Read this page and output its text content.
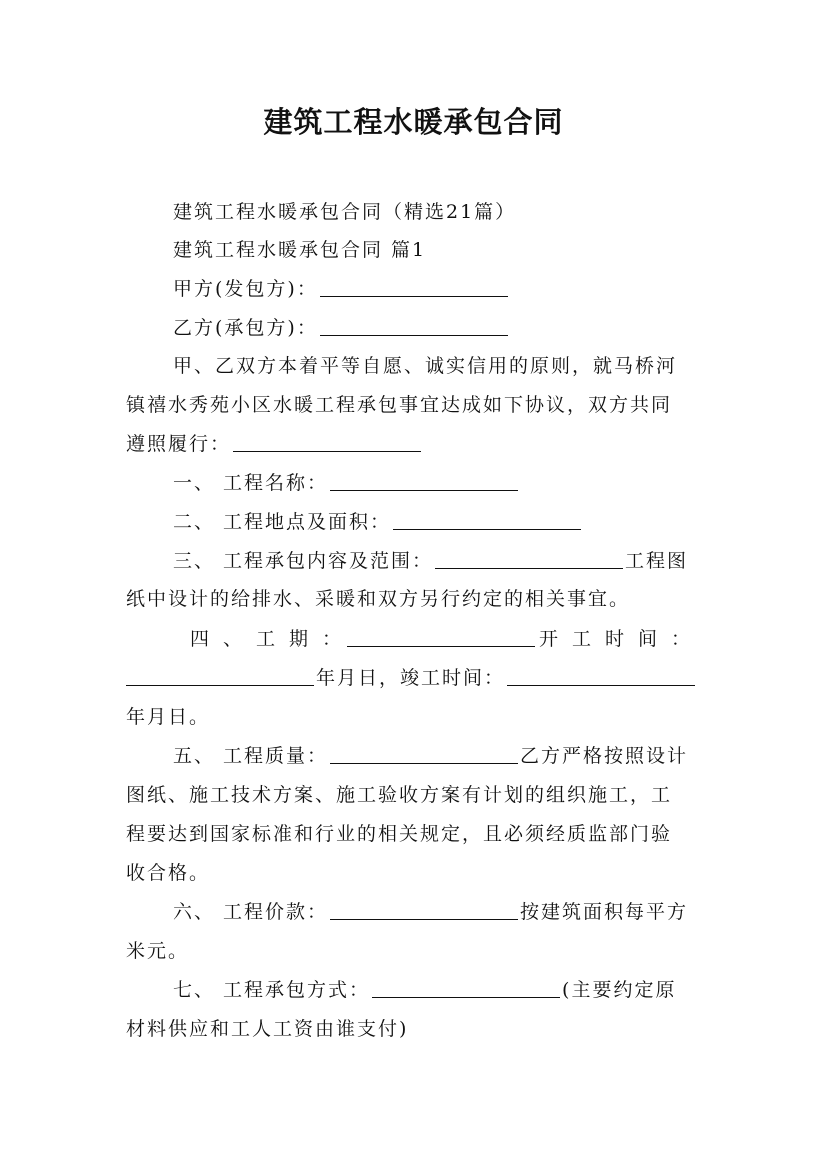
建筑工程水暖承包合同
建筑工程水暖承包合同（精选21篇）
建筑工程水暖承包合同 篇1
甲方(发包方)：
乙方(承包方)：
甲、乙双方本着平等自愿、诚实信用的原则，就马桥河
镇禧水秀苑小区水暖工程承包事宜达成如下协议，双方共同
遵照履行：
一、 工程名称：
二、 工程地点及面积：
三、 工程承包内容及范围：	工程图
纸中设计的给排水、采暖和双方另行约定的相关事宜。
四 、 工 期 ：	开 工 时 间 ：
年月日，竣工时间：
年月日。
五、 工程质量：	乙方严格按照设计
图纸、施工技术方案、施工验收方案有计划的组织施工，工
程要达到国家标准和行业的相关规定，且必须经质监部门验
收合格。
六、 工程价款：	按建筑面积每平方
米元。
七、 工程承包方式：	(主要约定原
材料供应和工人工资由谁支付)
